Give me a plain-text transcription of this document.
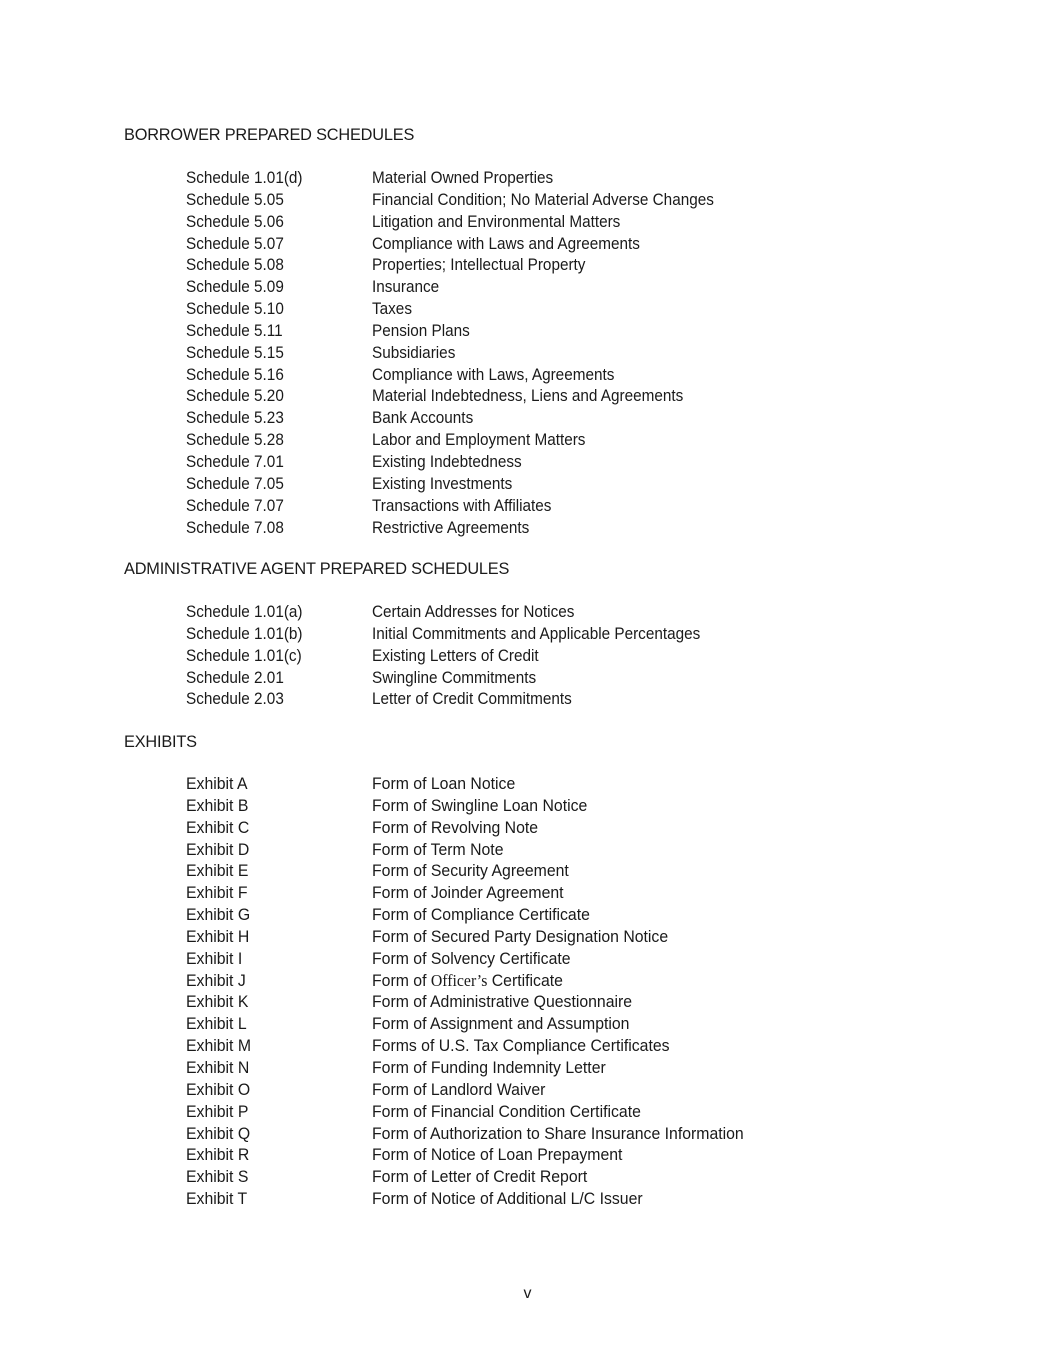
BORROWER PREPARED SCHEDULES
Schedule 1.01(d)	Material Owned Properties
Schedule 5.05	Financial Condition; No Material Adverse Changes
Schedule 5.06	Litigation and Environmental Matters
Schedule 5.07	Compliance with Laws and Agreements
Schedule 5.08	Properties; Intellectual Property
Schedule 5.09	Insurance
Schedule 5.10	Taxes
Schedule 5.11	Pension Plans
Schedule 5.15	Subsidiaries
Schedule 5.16	Compliance with Laws, Agreements
Schedule 5.20	Material Indebtedness, Liens and Agreements
Schedule 5.23	Bank Accounts
Schedule 5.28	Labor and Employment Matters
Schedule 7.01	Existing Indebtedness
Schedule 7.05	Existing Investments
Schedule 7.07	Transactions with Affiliates
Schedule 7.08	Restrictive Agreements
ADMINISTRATIVE AGENT PREPARED SCHEDULES
Schedule 1.01(a)	Certain Addresses for Notices
Schedule 1.01(b)	Initial Commitments and Applicable Percentages
Schedule 1.01(c)	Existing Letters of Credit
Schedule 2.01	Swingline Commitments
Schedule 2.03	Letter of Credit Commitments
EXHIBITS
Exhibit A	Form of Loan Notice
Exhibit B	Form of Swingline Loan Notice
Exhibit C	Form of Revolving Note
Exhibit D	Form of Term Note
Exhibit E	Form of Security Agreement
Exhibit F	Form of Joinder Agreement
Exhibit G	Form of Compliance Certificate
Exhibit H	Form of Secured Party Designation Notice
Exhibit I	Form of Solvency Certificate
Exhibit J	Form of Officer’s Certificate
Exhibit K	Form of Administrative Questionnaire
Exhibit L	Form of Assignment and Assumption
Exhibit M	Forms of U.S. Tax Compliance Certificates
Exhibit N	Form of Funding Indemnity Letter
Exhibit O	Form of Landlord Waiver
Exhibit P	Form of Financial Condition Certificate
Exhibit Q	Form of Authorization to Share Insurance Information
Exhibit R	Form of Notice of Loan Prepayment
Exhibit S	Form of Letter of Credit Report
Exhibit T	Form of Notice of Additional L/C Issuer
v
